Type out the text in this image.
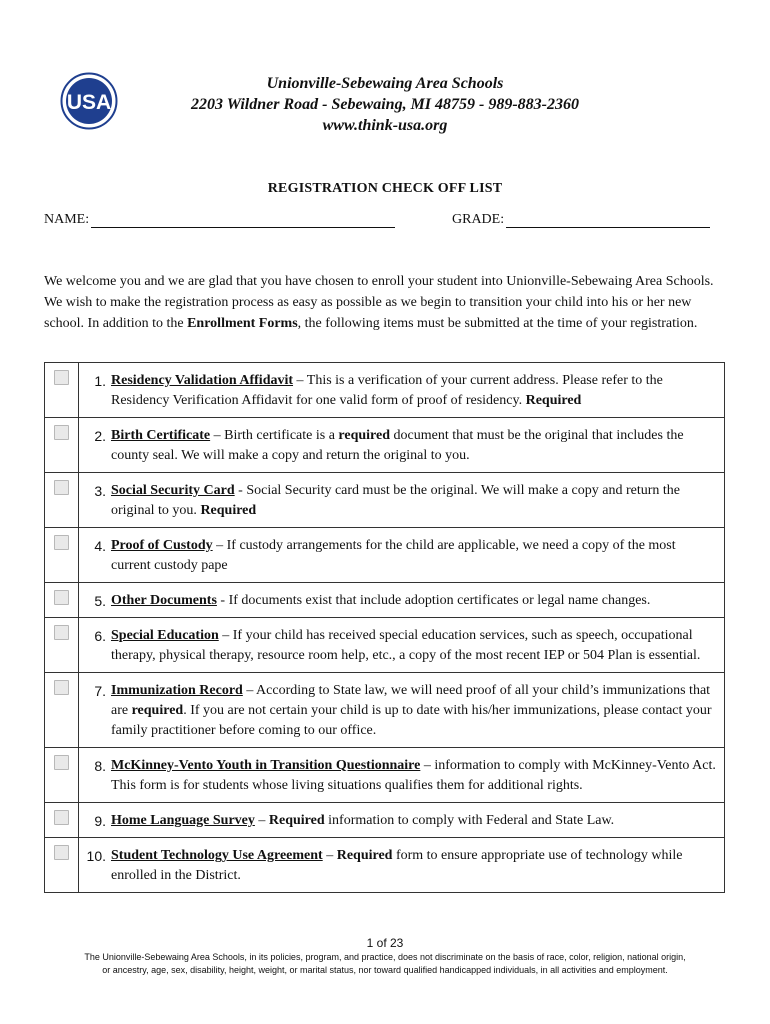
USA
Unionville-Sebewaing Area Schools
2203 Wildner Road - Sebewaing, MI 48759 - 989-883-2360
www.think-usa.org
REGISTRATION CHECK OFF LIST
NAME:	GRADE:
We welcome you and we are glad that you have chosen to enroll your student into Unionville-Sebewaing Area Schools. We wish to make the registration process as easy as possible as we begin to transition your child into his or her new school. In addition to the Enrollment Forms, the following items must be submitted at the time of your registration.

	1. Residency Validation Affidavit – This is a verification of your current address. Please refer to the Residency Verification Affidavit for one valid form of proof of residency. Required

	2. Birth Certificate – Birth certificate is a required document that must be the original that includes the county seal. We will make a copy and return the original to you.

	3. Social Security Card - Social Security card must be the original. We will make a copy and return the original to you. Required

	4. Proof of Custody – If custody arrangements for the child are applicable, we need a copy of the most current custody pape

	5. Other Documents - If documents exist that include adoption certificates or legal name changes.

	6. Special Education – If your child has received special education services, such as speech, occupational therapy, physical therapy, resource room help, etc., a copy of the most recent IEP or 504 Plan is essential.

	7. Immunization Record – According to State law, we will need proof of all your child’s immunizations that are required. If you are not certain your child is up to date with his/her immunizations, please contact your family practitioner before coming to our office.

	8. McKinney-Vento Youth in Transition Questionnaire – information to comply with McKinney-Vento Act. This form is for students whose living situations qualifies them for additional rights.

	9. Home Language Survey – Required information to comply with Federal and State Law.

	10. Student Technology Use Agreement – Required form to ensure appropriate use of technology while enrolled in the District.
1 of 23
The Unionville-Sebewaing Area Schools, in its policies, program, and practice, does not discriminate on the basis of race, color, religion, national origin,
or ancestry, age, sex, disability, height, weight, or marital status, nor toward qualified handicapped individuals, in all activities and employment.
